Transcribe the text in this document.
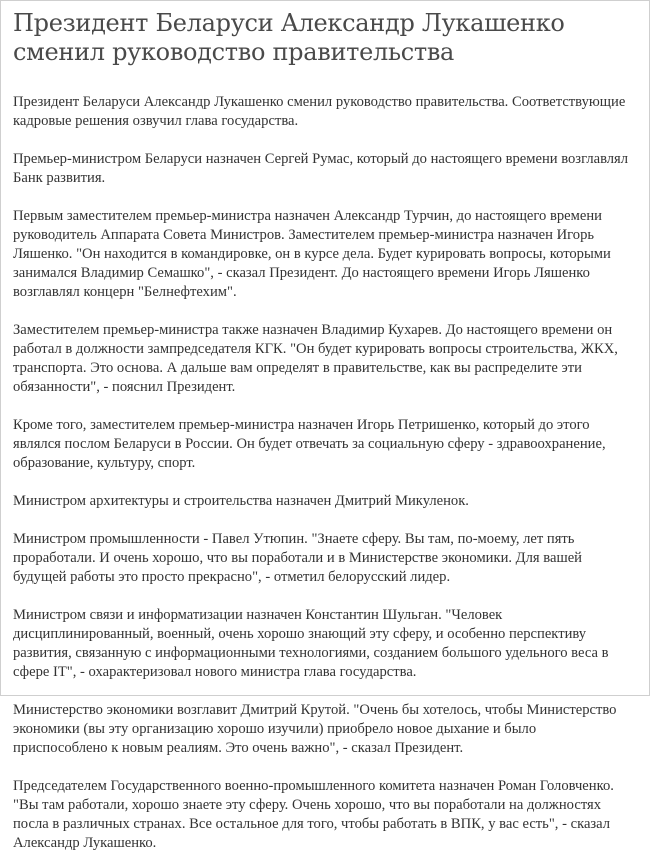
Президент Беларуси Александр Лукашенко сменил руководство правительства

Президент Беларуси Александр Лукашенко сменил руководство правительства. Соответствующие кадровые решения озвучил глава государства.

Премьер-министром Беларуси назначен Сергей Румас, который до настоящего времени возглавлял Банк развития.

Первым заместителем премьер-министра назначен Александр Турчин, до настоящего времени руководитель Аппарата Совета Министров. Заместителем премьер-министра назначен Игорь Ляшенко. "Он находится в командировке, он в курсе дела. Будет курировать вопросы, которыми занимался Владимир Семашко", - сказал Президент. До настоящего времени Игорь Ляшенко возглавлял концерн "Белнефтехим".

Заместителем премьер-министра также назначен Владимир Кухарев. До настоящего времени он работал в должности зампредседателя КГК. "Он будет курировать вопросы строительства, ЖКХ, транспорта. Это основа. А дальше вам определят в правительстве, как вы распределите эти обязанности", - пояснил Президент.

Кроме того, заместителем премьер-министра назначен Игорь Петришенко, который до этого являлся послом Беларуси в России. Он будет отвечать за социальную сферу - здравоохранение, образование, культуру, спорт.

Министром архитектуры и строительства назначен Дмитрий Микуленок.

Министром промышленности - Павел Утюпин. "Знаете сферу. Вы там, по-моему, лет пять проработали. И очень хорошо, что вы поработали и в Министерстве экономики. Для вашей будущей работы это просто прекрасно", - отметил белорусский лидер.

Министром связи и информатизации назначен Константин Шульган. "Человек дисциплинированный, военный, очень хорошо знающий эту сферу, и особенно перспективу развития, связанную с информационными технологиями, созданием большого удельного веса в сфере IT", - охарактеризовал нового министра глава государства.

Министерство экономики возглавит Дмитрий Крутой. "Очень бы хотелось, чтобы Министерство экономики (вы эту организацию хорошо изучили) приобрело новое дыхание и было приспособлено к новым реалиям. Это очень важно", - сказал Президент.

Председателем Государственного военно-промышленного комитета назначен Роман Головченко. "Вы там работали, хорошо знаете эту сферу. Очень хорошо, что вы поработали на должностях посла в различных странах. Все остальное для того, чтобы работать в ВПК, у вас есть", - сказал Александр Лукашенко.
